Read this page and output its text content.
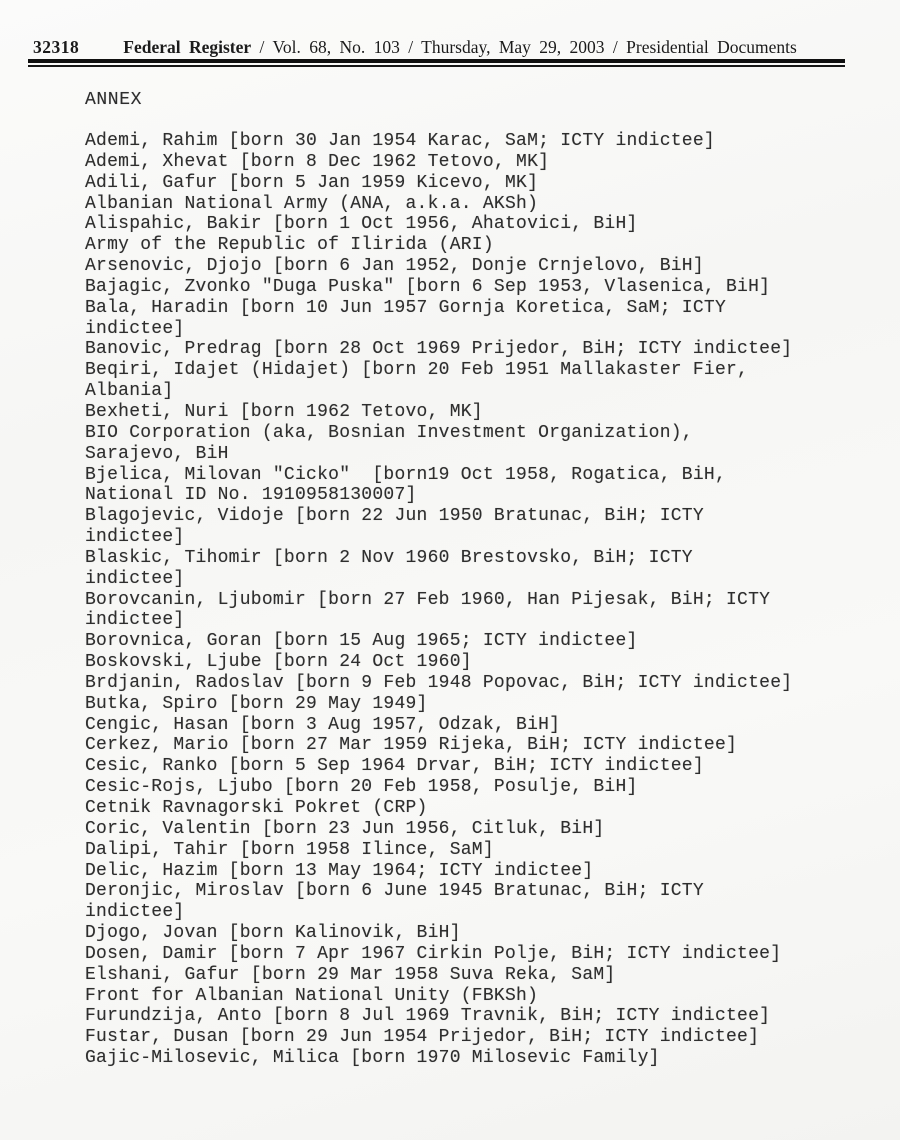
32318	Federal Register / Vol. 68, No. 103 / Thursday, May 29, 2003 / Presidential Documents
ANNEX
Ademi, Rahim [born 30 Jan 1954 Karac, SaM; ICTY indictee]
Ademi, Xhevat [born 8 Dec 1962 Tetovo, MK]
Adili, Gafur [born 5 Jan 1959 Kicevo, MK]
Albanian National Army (ANA, a.k.a. AKSh)
Alispahic, Bakir [born 1 Oct 1956, Ahatovici, BiH]
Army of the Republic of Ilirida (ARI)
Arsenovic, Djojo [born 6 Jan 1952, Donje Crnjelovo, BiH]
Bajagic, Zvonko "Duga Puska" [born 6 Sep 1953, Vlasenica, BiH]
Bala, Haradin [born 10 Jun 1957 Gornja Koretica, SaM; ICTY
indictee]
Banovic, Predrag [born 28 Oct 1969 Prijedor, BiH; ICTY indictee]
Beqiri, Idajet (Hidajet) [born 20 Feb 1951 Mallakaster Fier,
Albania]
Bexheti, Nuri [born 1962 Tetovo, MK]
BIO Corporation (aka, Bosnian Investment Organization),
Sarajevo, BiH
Bjelica, Milovan "Cicko"  [born19 Oct 1958, Rogatica, BiH,
National ID No. 1910958130007]
Blagojevic, Vidoje [born 22 Jun 1950 Bratunac, BiH; ICTY
indictee]
Blaskic, Tihomir [born 2 Nov 1960 Brestovsko, BiH; ICTY
indictee]
Borovcanin, Ljubomir [born 27 Feb 1960, Han Pijesak, BiH; ICTY
indictee]
Borovnica, Goran [born 15 Aug 1965; ICTY indictee]
Boskovski, Ljube [born 24 Oct 1960]
Brdjanin, Radoslav [born 9 Feb 1948 Popovac, BiH; ICTY indictee]
Butka, Spiro [born 29 May 1949]
Cengic, Hasan [born 3 Aug 1957, Odzak, BiH]
Cerkez, Mario [born 27 Mar 1959 Rijeka, BiH; ICTY indictee]
Cesic, Ranko [born 5 Sep 1964 Drvar, BiH; ICTY indictee]
Cesic-Rojs, Ljubo [born 20 Feb 1958, Posulje, BiH]
Cetnik Ravnagorski Pokret (CRP)
Coric, Valentin [born 23 Jun 1956, Citluk, BiH]
Dalipi, Tahir [born 1958 Ilince, SaM]
Delic, Hazim [born 13 May 1964; ICTY indictee]
Deronjic, Miroslav [born 6 June 1945 Bratunac, BiH; ICTY
indictee]
Djogo, Jovan [born Kalinovik, BiH]
Dosen, Damir [born 7 Apr 1967 Cirkin Polje, BiH; ICTY indictee]
Elshani, Gafur [born 29 Mar 1958 Suva Reka, SaM]
Front for Albanian National Unity (FBKSh)
Furundzija, Anto [born 8 Jul 1969 Travnik, BiH; ICTY indictee]
Fustar, Dusan [born 29 Jun 1954 Prijedor, BiH; ICTY indictee]
Gajic-Milosevic, Milica [born 1970 Milosevic Family]
